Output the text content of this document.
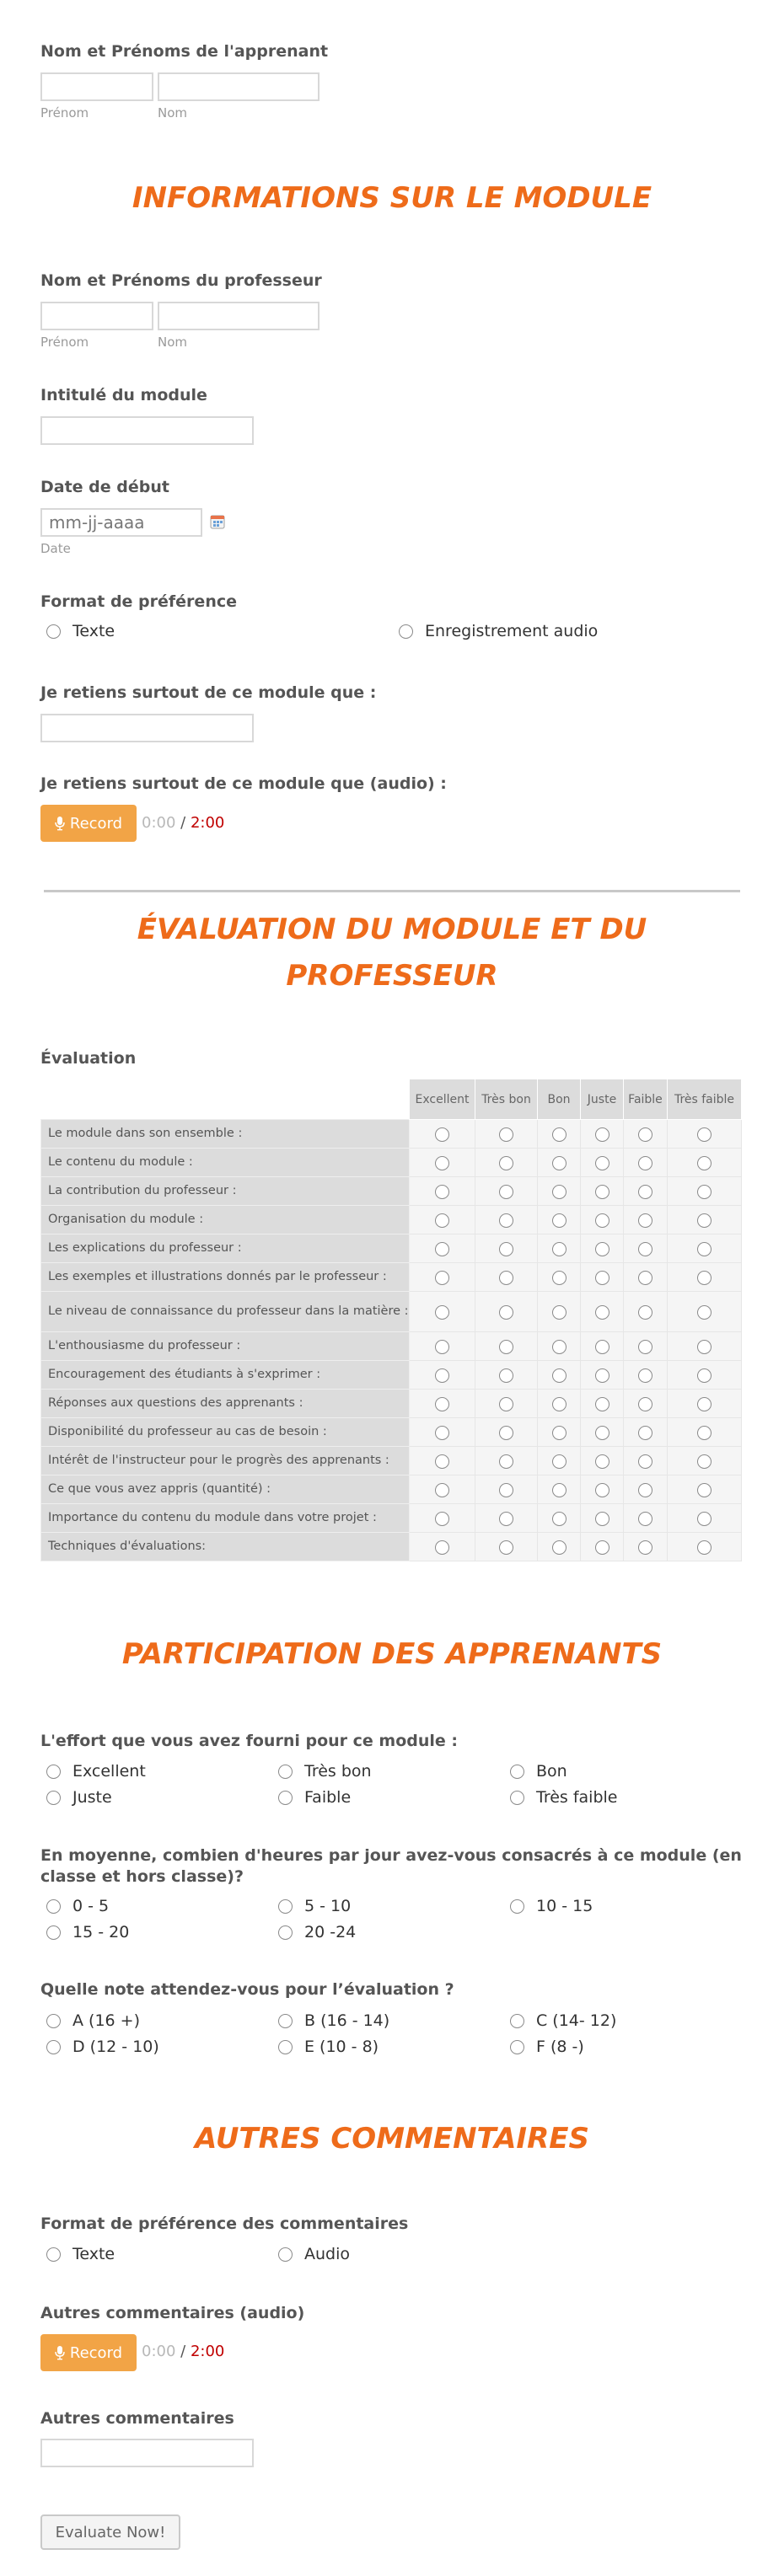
Nom et Prénoms de l'apprenant
Prénom	Nom
INFORMATIONS SUR LE MODULE
Nom et Prénoms du professeur
Prénom	Nom
Intitulé du module
Date de début
mm-jj-aaaa
Date
Format de préférence
Texte	Enregistrement audio
Je retiens surtout de ce module que :
Je retiens surtout de ce module que (audio) :
Record 0:00 / 2:00
ÉVALUATION DU MODULE ET DU
PROFESSEUR
Évaluation
	Excellent	Très bon	Bon	Juste	Faible	Très faible
Le module dans son ensemble :						
Le contenu du module :						
La contribution du professeur :						
Organisation du module :						
Les explications du professeur :						
Les exemples et illustrations donnés par le professeur :						
Le niveau de connaissance du professeur dans la matière :						
L'enthousiasme du professeur :						
Encouragement des étudiants à s'exprimer :						
Réponses aux questions des apprenants :						
Disponibilité du professeur au cas de besoin :						
Intérêt de l'instructeur pour le progrès des apprenants :						
Ce que vous avez appris (quantité) :						
Importance du contenu du module dans votre projet :						
Techniques d'évaluations:						
PARTICIPATION DES APPRENANTS
L'effort que vous avez fourni pour ce module :
Excellent	Très bon	Bon
Juste	Faible	Très faible
En moyenne, combien d'heures par jour avez-vous consacrés à ce module (en classe et hors classe)?
0 - 5	5 - 10	10 - 15
15 - 20	20 -24
Quelle note attendez-vous pour l’évaluation ?
A (16 +)	B (16 - 14)	C (14- 12)
D (12 - 10)	E (10 - 8)	F (8 -)
AUTRES COMMENTAIRES
Format de préférence des commentaires
Texte	Audio
Autres commentaires (audio)
Record 0:00 / 2:00
Autres commentaires
Evaluate Now!
